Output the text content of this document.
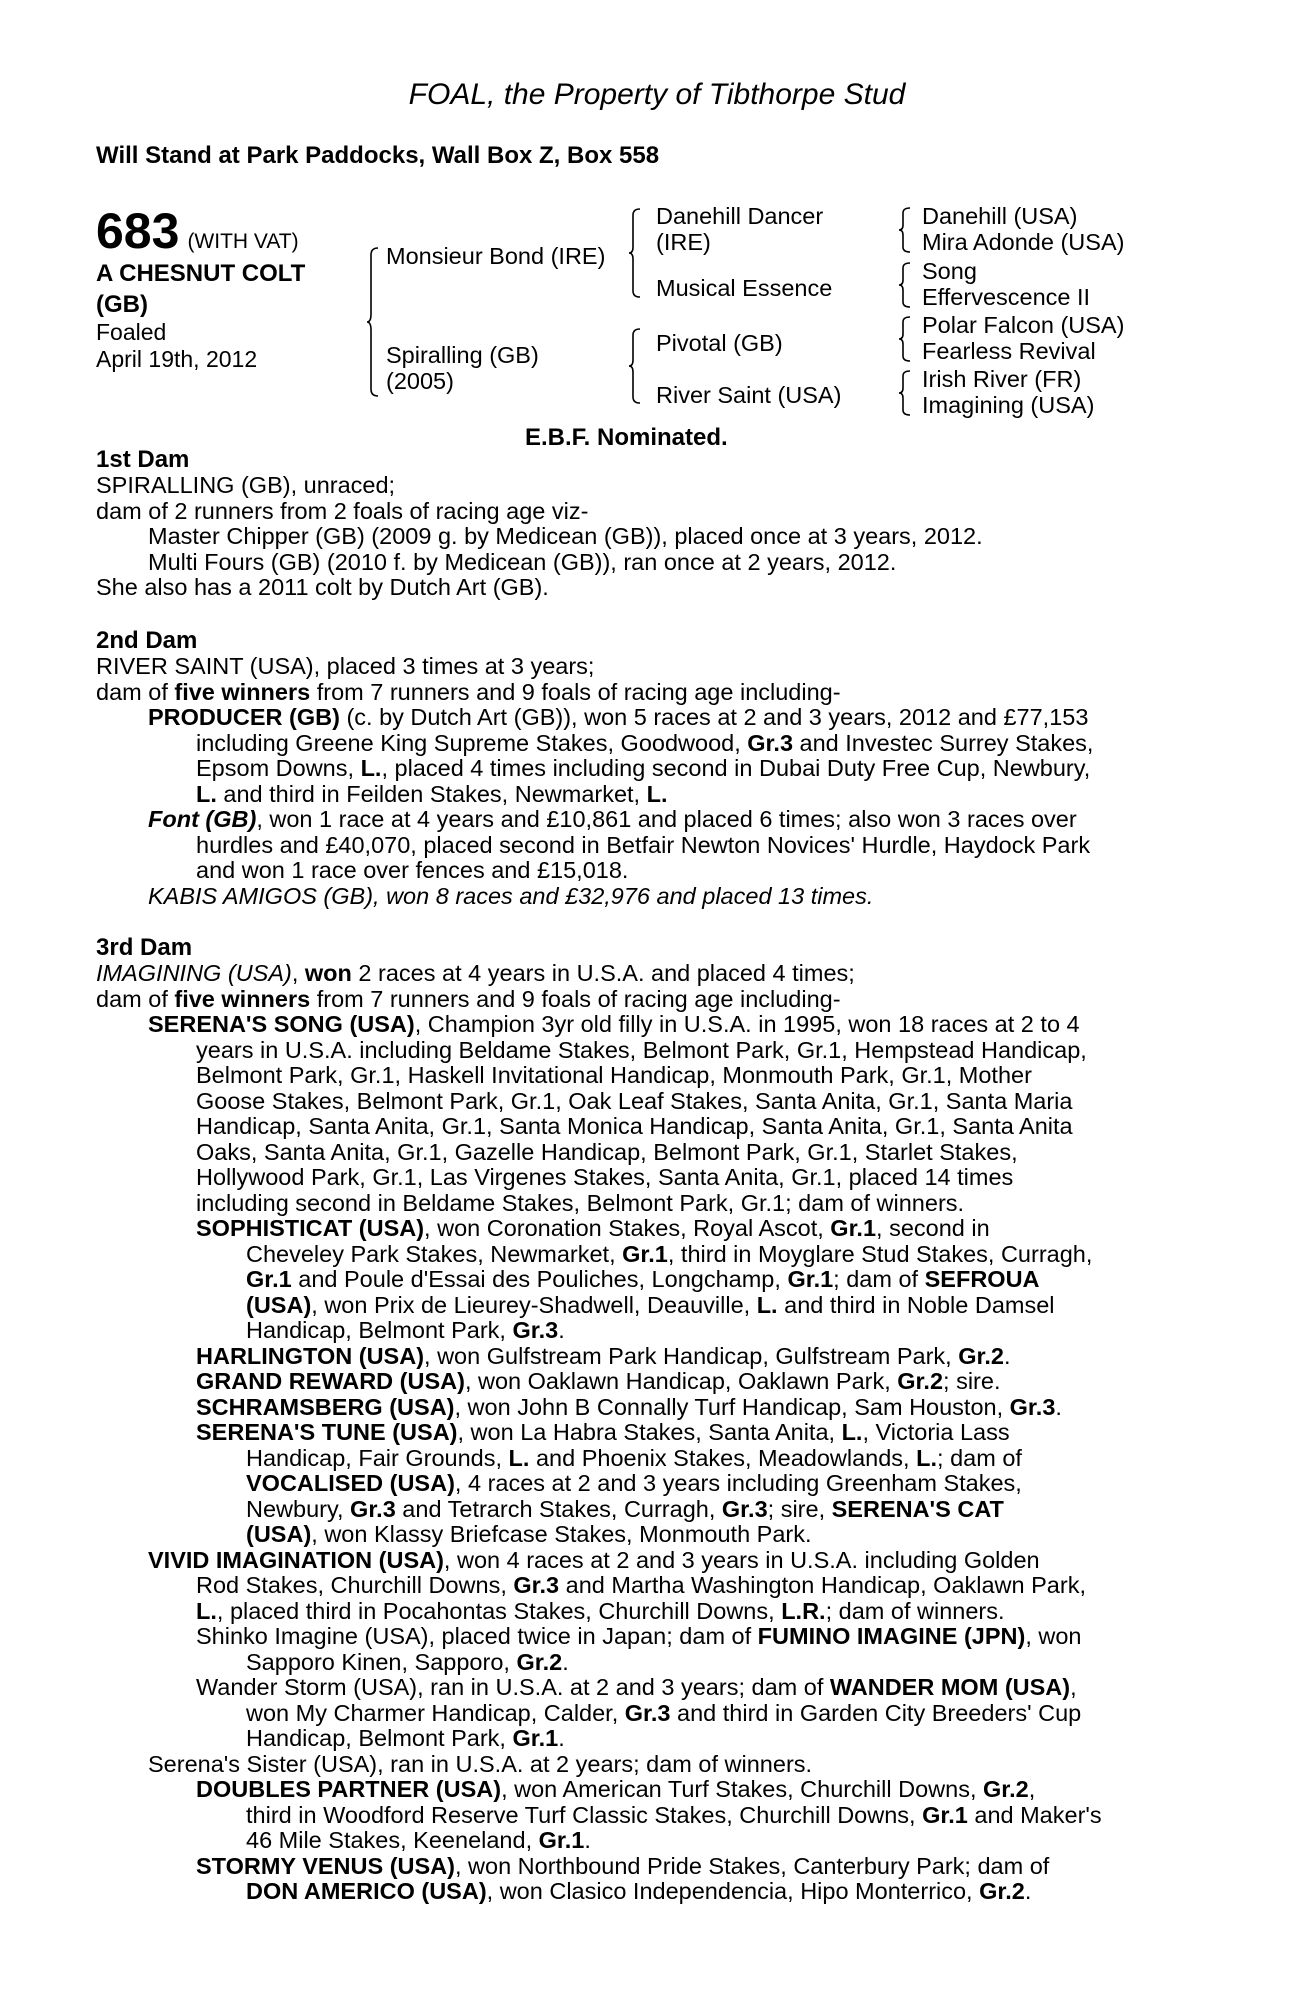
FOAL, the Property of Tibthorpe Stud
Will Stand at Park Paddocks, Wall Box Z, Box 558
683 (WITH VAT)
A CHESNUT COLT
(GB)
Foaled
April 19th, 2012
Monsieur Bond (IRE)
Spiralling (GB)
(2005)
Danehill Dancer
(IRE)
Musical Essence
Pivotal (GB)
River Saint (USA)
Danehill (USA)
Mira Adonde (USA)
Song
Effervescence II
Polar Falcon (USA)
Fearless Revival
Irish River (FR)
Imagining (USA)
E.B.F. Nominated.
1st Dam
SPIRALLING (GB), unraced;
dam of 2 runners from 2 foals of racing age viz-
Master Chipper (GB) (2009 g. by Medicean (GB)), placed once at 3 years, 2012.
Multi Fours (GB) (2010 f. by Medicean (GB)), ran once at 2 years, 2012.
She also has a 2011 colt by Dutch Art (GB).
2nd Dam
RIVER SAINT (USA), placed 3 times at 3 years;
dam of five winners from 7 runners and 9 foals of racing age including-
PRODUCER (GB) (c. by Dutch Art (GB)), won 5 races at 2 and 3 years, 2012 and £77,153
including Greene King Supreme Stakes, Goodwood, Gr.3 and Investec Surrey Stakes,
Epsom Downs, L., placed 4 times including second in Dubai Duty Free Cup, Newbury,
L. and third in Feilden Stakes, Newmarket, L.
Font (GB), won 1 race at 4 years and £10,861 and placed 6 times; also won 3 races over
hurdles and £40,070, placed second in Betfair Newton Novices' Hurdle, Haydock Park
and won 1 race over fences and £15,018.
KABIS AMIGOS (GB), won 8 races and £32,976 and placed 13 times.
3rd Dam
IMAGINING (USA), won 2 races at 4 years in U.S.A. and placed 4 times;
dam of five winners from 7 runners and 9 foals of racing age including-
SERENA'S SONG (USA), Champion 3yr old filly in U.S.A. in 1995, won 18 races at 2 to 4
years in U.S.A. including Beldame Stakes, Belmont Park, Gr.1, Hempstead Handicap,
Belmont Park, Gr.1, Haskell Invitational Handicap, Monmouth Park, Gr.1, Mother
Goose Stakes, Belmont Park, Gr.1, Oak Leaf Stakes, Santa Anita, Gr.1, Santa Maria
Handicap, Santa Anita, Gr.1, Santa Monica Handicap, Santa Anita, Gr.1, Santa Anita
Oaks, Santa Anita, Gr.1, Gazelle Handicap, Belmont Park, Gr.1, Starlet Stakes,
Hollywood Park, Gr.1, Las Virgenes Stakes, Santa Anita, Gr.1, placed 14 times
including second in Beldame Stakes, Belmont Park, Gr.1; dam of winners.
SOPHISTICAT (USA), won Coronation Stakes, Royal Ascot, Gr.1, second in
Cheveley Park Stakes, Newmarket, Gr.1, third in Moyglare Stud Stakes, Curragh,
Gr.1 and Poule d'Essai des Pouliches, Longchamp, Gr.1; dam of SEFROUA
(USA), won Prix de Lieurey-Shadwell, Deauville, L. and third in Noble Damsel
Handicap, Belmont Park, Gr.3.
HARLINGTON (USA), won Gulfstream Park Handicap, Gulfstream Park, Gr.2.
GRAND REWARD (USA), won Oaklawn Handicap, Oaklawn Park, Gr.2; sire.
SCHRAMSBERG (USA), won John B Connally Turf Handicap, Sam Houston, Gr.3.
SERENA'S TUNE (USA), won La Habra Stakes, Santa Anita, L., Victoria Lass
Handicap, Fair Grounds, L. and Phoenix Stakes, Meadowlands, L.; dam of
VOCALISED (USA), 4 races at 2 and 3 years including Greenham Stakes,
Newbury, Gr.3 and Tetrarch Stakes, Curragh, Gr.3; sire, SERENA'S CAT
(USA), won Klassy Briefcase Stakes, Monmouth Park.
VIVID IMAGINATION (USA), won 4 races at 2 and 3 years in U.S.A. including Golden
Rod Stakes, Churchill Downs, Gr.3 and Martha Washington Handicap, Oaklawn Park,
L., placed third in Pocahontas Stakes, Churchill Downs, L.R.; dam of winners.
Shinko Imagine (USA), placed twice in Japan; dam of FUMINO IMAGINE (JPN), won
Sapporo Kinen, Sapporo, Gr.2.
Wander Storm (USA), ran in U.S.A. at 2 and 3 years; dam of WANDER MOM (USA),
won My Charmer Handicap, Calder, Gr.3 and third in Garden City Breeders' Cup
Handicap, Belmont Park, Gr.1.
Serena's Sister (USA), ran in U.S.A. at 2 years; dam of winners.
DOUBLES PARTNER (USA), won American Turf Stakes, Churchill Downs, Gr.2,
third in Woodford Reserve Turf Classic Stakes, Churchill Downs, Gr.1 and Maker's
46 Mile Stakes, Keeneland, Gr.1.
STORMY VENUS (USA), won Northbound Pride Stakes, Canterbury Park; dam of
DON AMERICO (USA), won Clasico Independencia, Hipo Monterrico, Gr.2.
